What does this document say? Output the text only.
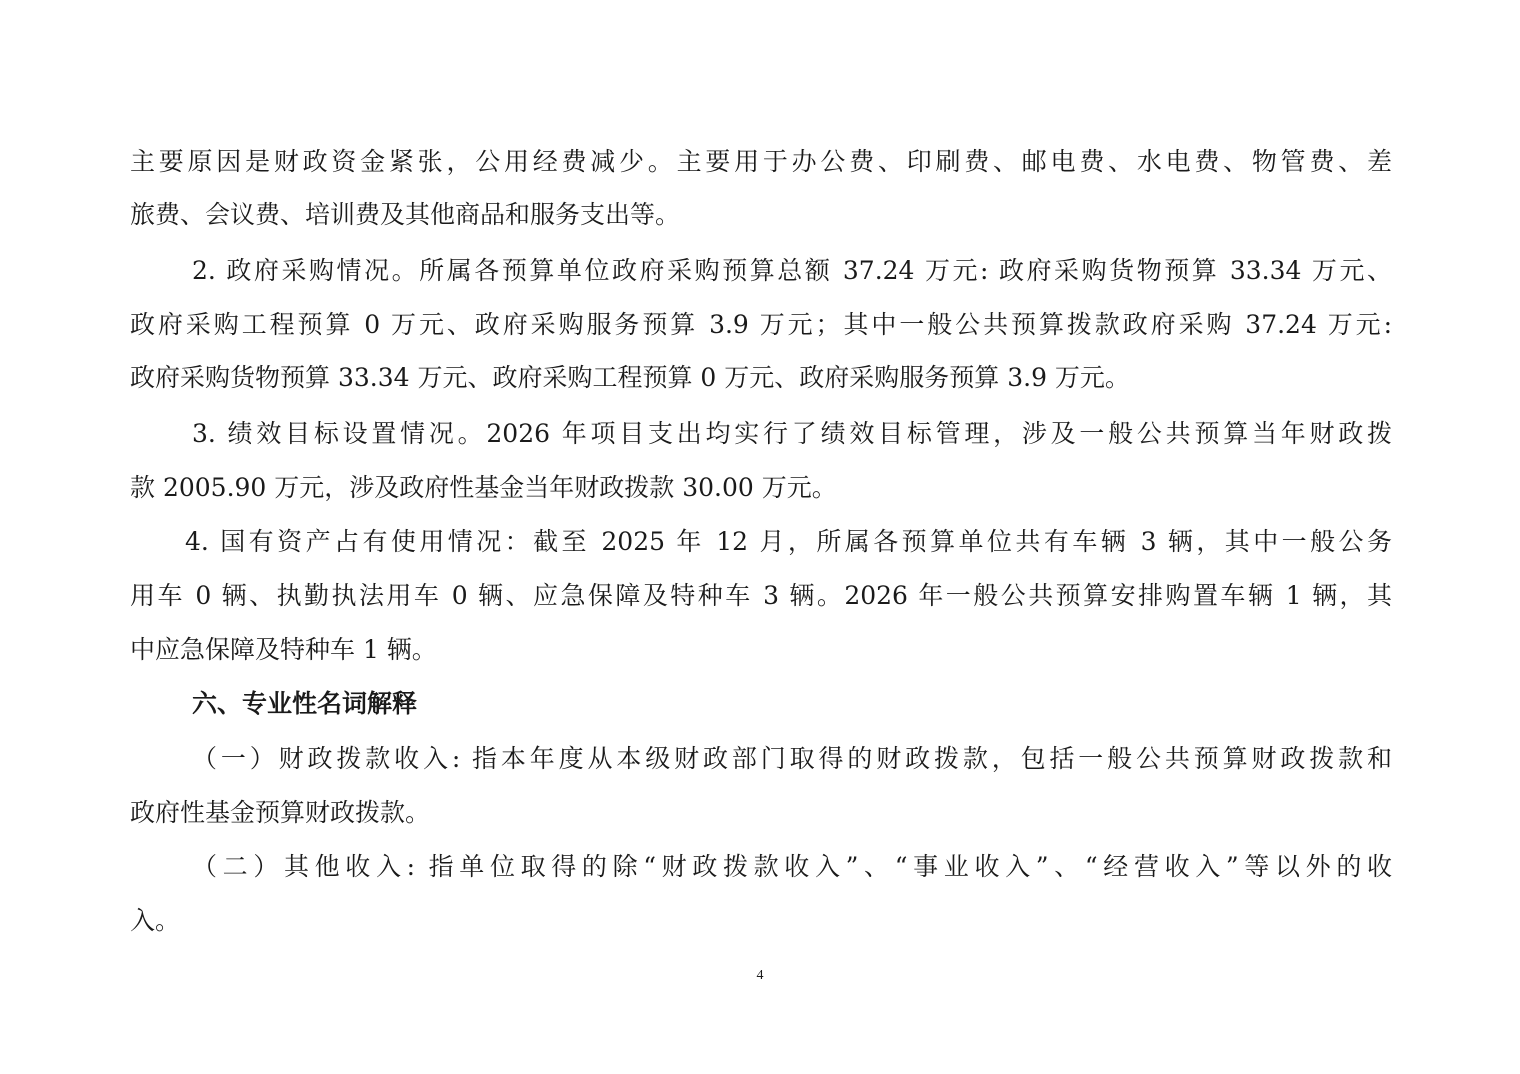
主要原因是财政资金紧张，公用经费减少。主要用于办公费、印刷费、邮电费、水电费、物管费、差
旅费、会议费、培训费及其他商品和服务支出等。
2. 政府采购情况。所属各预算单位政府采购预算总额 37.24 万元: 政府采购货物预算 33.34 万元、
政府采购工程预算 0 万元、政府采购服务预算 3.9 万元；其中一般公共预算拨款政府采购 37.24 万元:
政府采购货物预算 33.34 万元、政府采购工程预算 0 万元、政府采购服务预算 3.9 万元。
3. 绩效目标设置情况。2026 年项目支出均实行了绩效目标管理，涉及一般公共预算当年财政拨
款 2005.90 万元，涉及政府性基金当年财政拨款 30.00 万元。
4. 国有资产占有使用情况：截至 2025 年 12 月，所属各预算单位共有车辆 3 辆，其中一般公务
用车 0 辆、执勤执法用车 0 辆、应急保障及特种车 3 辆。2026 年一般公共预算安排购置车辆 1 辆，其
中应急保障及特种车 1 辆。
六、专业性名词解释
（一）财政拨款收入: 指本年度从本级财政部门取得的财政拨款，包括一般公共预算财政拨款和
政府性基金预算财政拨款。
（二）其他收入: 指单位取得的除“财政拨款收入”、“事业收入”、“经营收入”等以外的收
入。
4
